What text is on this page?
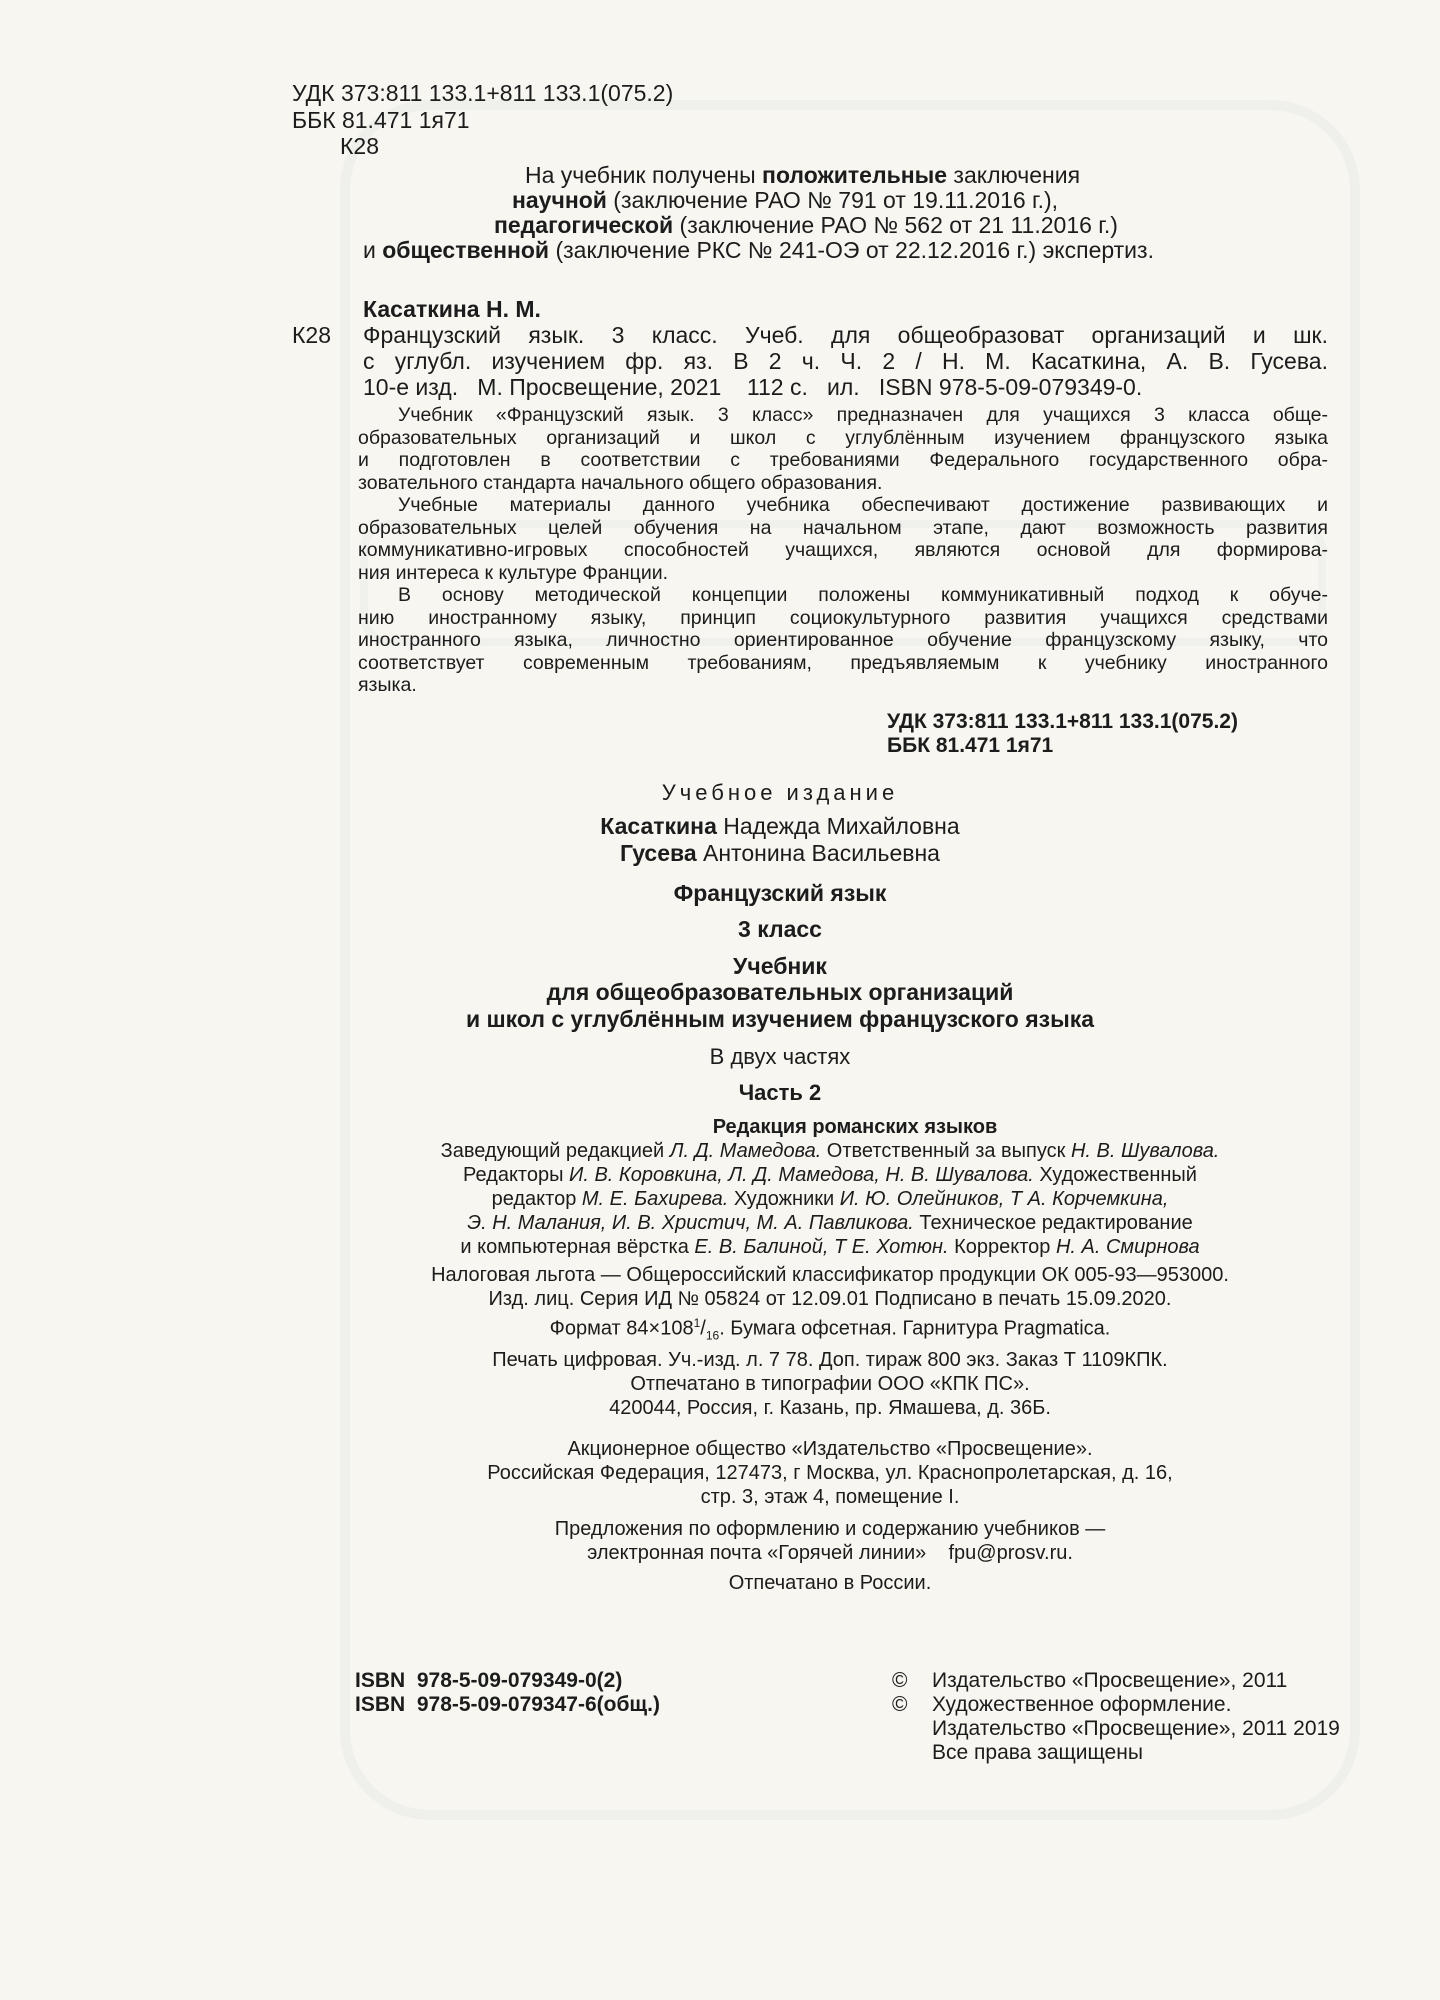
УДК 373:811 133.1+811 133.1(075.2)
ББК 81.471 1я71
К28
На учебник получены положительные заключения
научной (заключение РАО № 791 от 19.11.2016 г.),
педагогической (заключение РАО № 562 от 21 11.2016 г.)
и общественной (заключение РКС № 241-ОЭ от 22.12.2016 г.) экспертиз.
Касаткина Н. М.
К28 Французский язык. 3 класс. Учеб. для общеобразоват организаций и шк.
с углубл. изучением фр. яз. В 2 ч. Ч. 2 / Н. М. Касаткина, А. В. Гусева.
10-е изд.   М. Просвещение, 2021    112 с.   ил.   ISBN 978-5-09-079349-0.
Учебник «Французский язык. 3 класс» предназначен для учащихся 3 класса обще-
образовательных организаций и школ с углублённым изучением французского языка
и подготовлен в соответствии с требованиями Федерального государственного обра-
зовательного стандарта начального общего образования.
Учебные материалы данного учебника обеспечивают достижение развивающих и
образовательных целей обучения на начальном этапе, дают возможность развития
коммуникативно-игровых способностей учащихся, являются основой для формирова-
ния интереса к культуре Франции.
В основу методической концепции положены коммуникативный подход к обуче-
нию иностранному языку, принцип социокультурного развития учащихся средствами
иностранного языка, личностно ориентированное обучение французскому языку, что
соответствует современным требованиям, предъявляемым к учебнику иностранного
языка.
УДК 373:811 133.1+811 133.1(075.2)
ББК 81.471 1я71
Учебное издание
Касаткина Надежда Михайловна
Гусева Антонина Васильевна
Французский язык
3 класс
Учебник
для общеобразовательных организаций
и школ с углублённым изучением французского языка
В двух частях
Часть 2
Редакция романских языков
Заведующий редакцией Л. Д. Мамедова. Ответственный за выпуск Н. В. Шувалова.
Редакторы И. В. Коровкина, Л. Д. Мамедова, Н. В. Шувалова. Художественный
редактор М. Е. Бахирева. Художники И. Ю. Олейников, Т А. Корчемкина,
Э. Н. Малания, И. В. Христич, М. А. Павликова. Техническое редактирование
и компьютерная вёрстка Е. В. Балиной, Т Е. Хотюн. Корректор Н. А. Смирнова
Налоговая льгота — Общероссийский классификатор продукции ОК 005-93—953000.
Изд. лиц. Серия ИД № 05824 от 12.09.01 Подписано в печать 15.09.2020.
Формат $84\times 108^1/_{16}$. Бумага офсетная. Гарнитура Pragmatica.
Печать цифровая. Уч.-изд. л. 7 78. Доп. тираж 800 экз. Заказ Т 1109КПК.
Отпечатано в типографии ООО «КПК ПС».
420044, Россия, г. Казань, пр. Ямашева, д. 36Б.
Акционерное общество «Издательство «Просвещение».
Российская Федерация, 127473, г Москва, ул. Краснопролетарская, д. 16,
стр. 3, этаж 4, помещение I.
Предложения по оформлению и содержанию учебников —
электронная почта «Горячей линии»    fpu@prosv.ru.
Отпечатано в России.
ISBN  978-5-09-079349-0(2)
ISBN  978-5-09-079347-6(общ.)
© Издательство «Просвещение», 2011
© Художественное оформление.
Издательство «Просвещение», 2011 2019
Все права защищены
